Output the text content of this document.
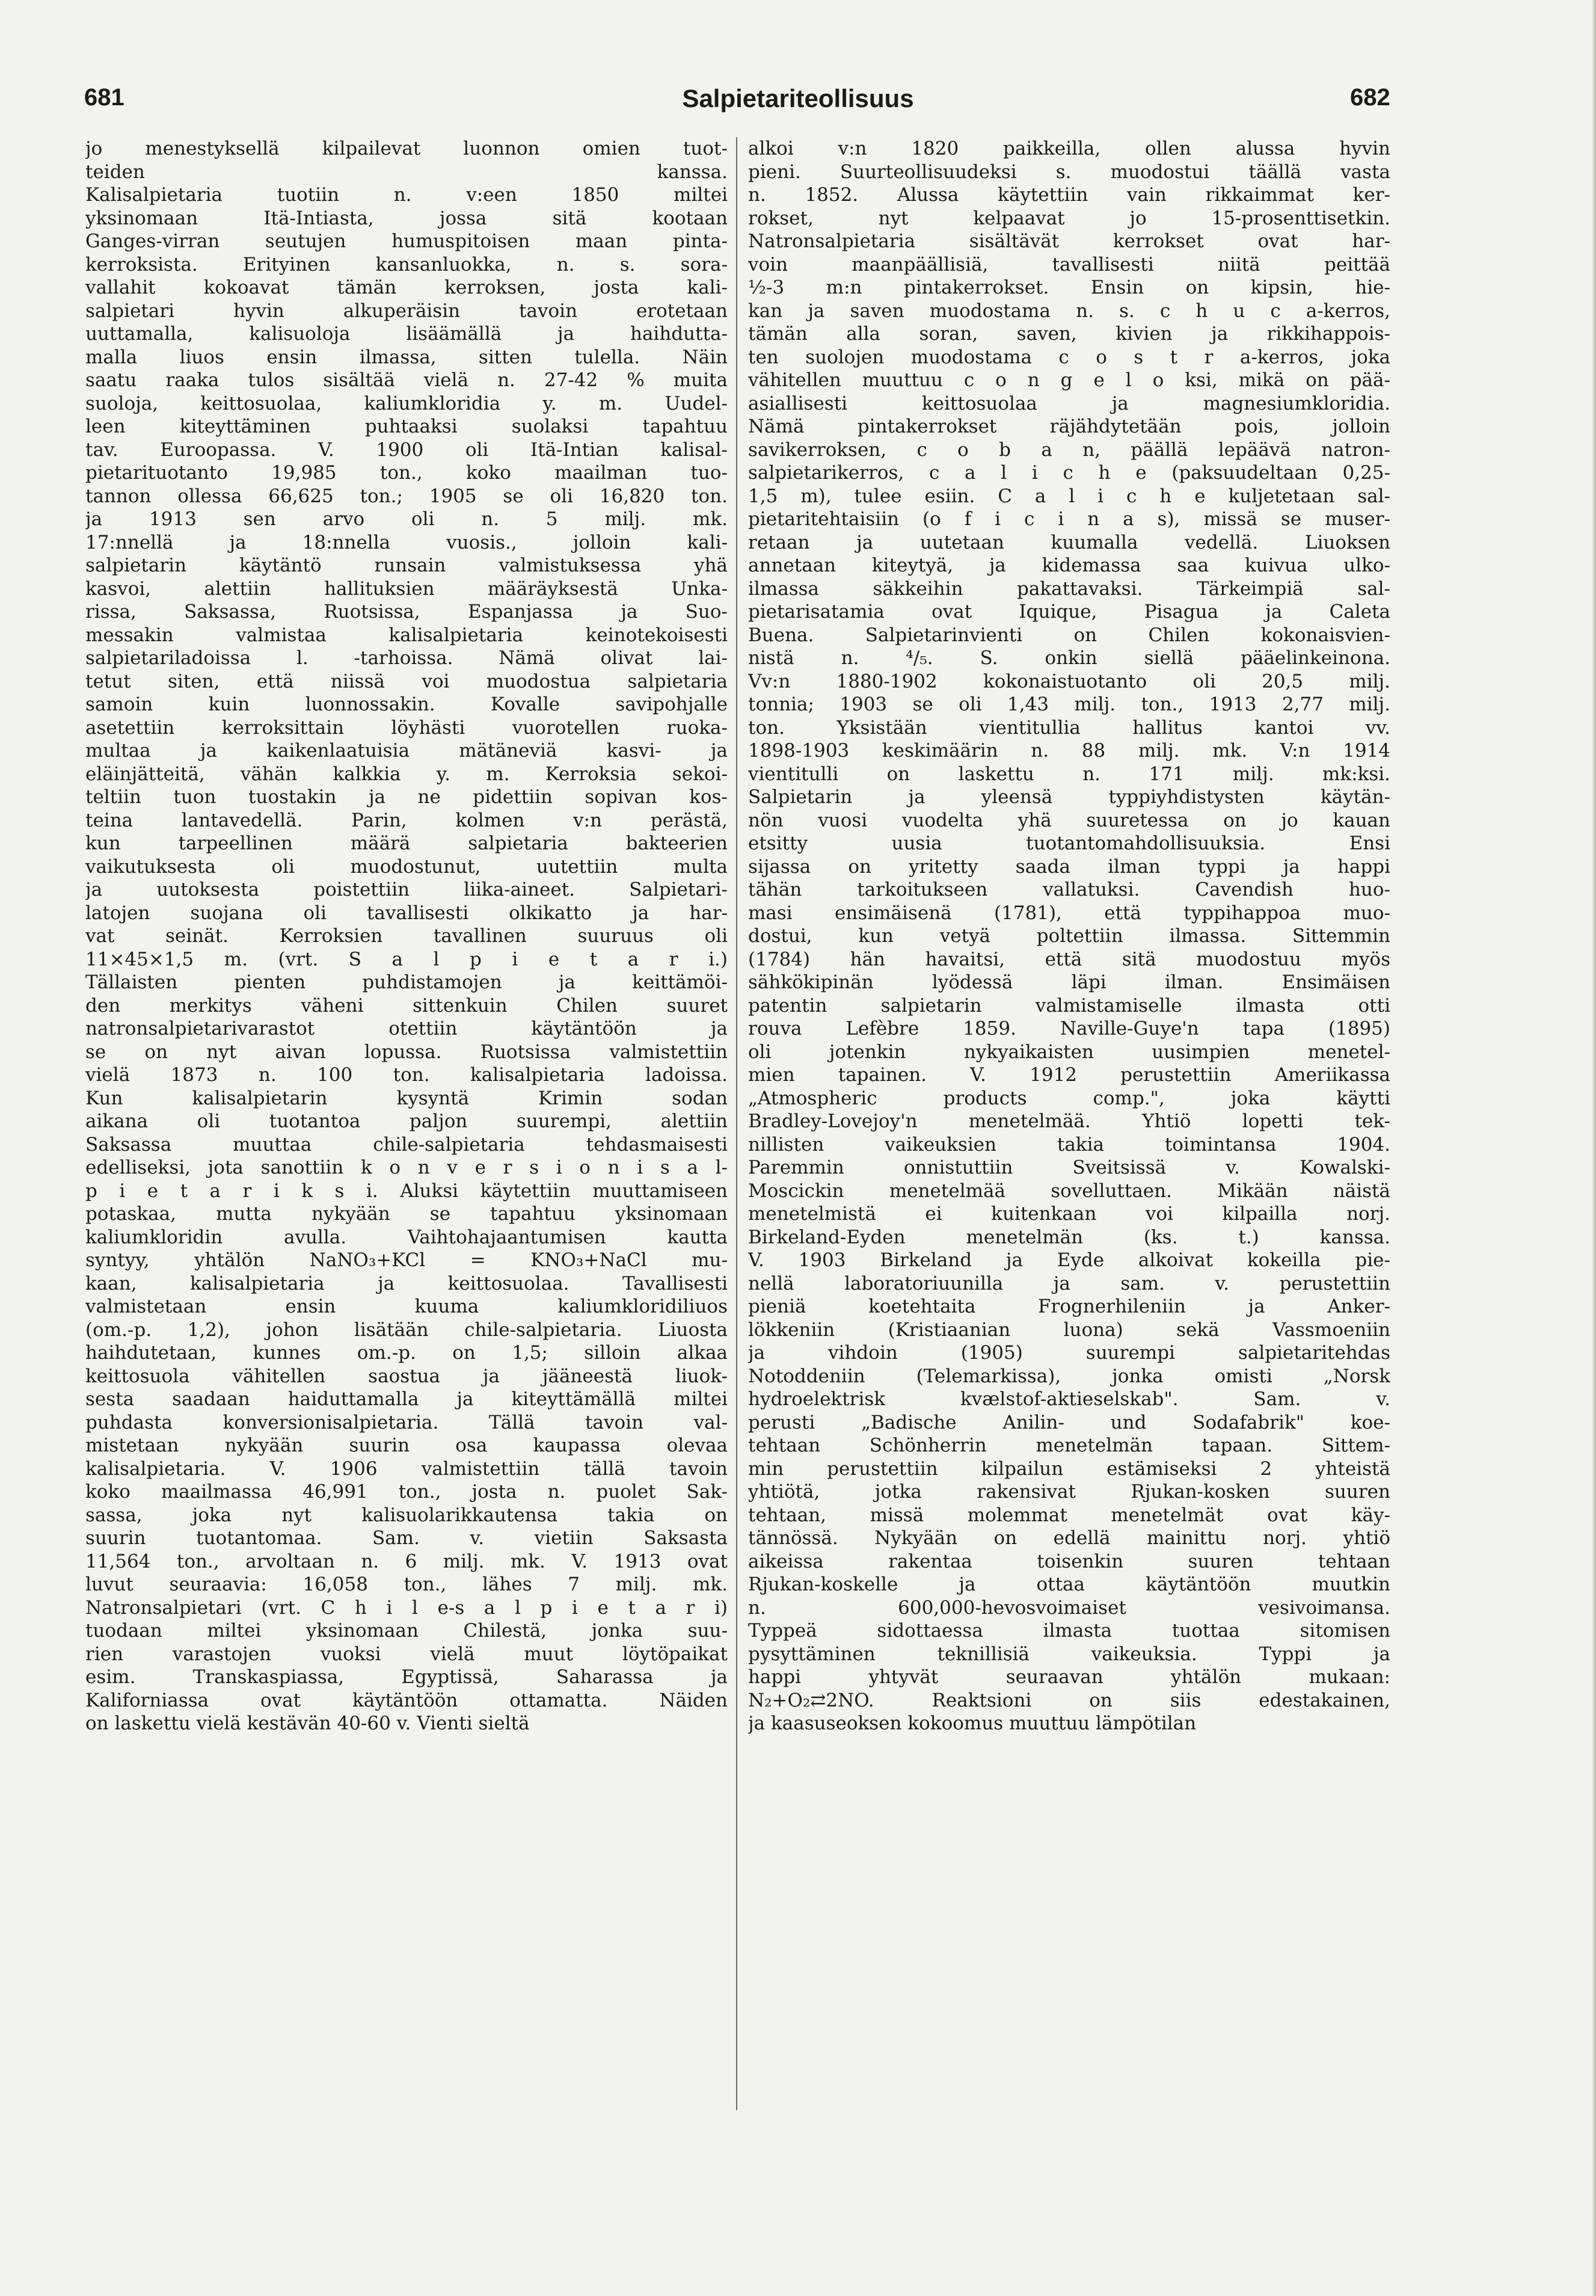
681	Salpietariteollisuus	682
jo menestyksellä kilpailevat luonnon omien tuot-
teiden kanssa.
Kalisalpietaria tuotiin n. v:een 1850 miltei
yksinomaan Itä-Intiasta, jossa sitä kootaan
Ganges-virran seutujen humuspitoisen maan pinta-
kerroksista. Erityinen kansanluokka, n. s. sora-
vallahit kokoavat tämän kerroksen, josta kali-
salpietari hyvin alkuperäisin tavoin erotetaan
uuttamalla, kalisuoloja lisäämällä ja haihdutta-
malla liuos ensin ilmassa, sitten tulella. Näin
saatu raaka tulos sisältää vielä n. 27-42 % muita
suoloja, keittosuolaa, kaliumkloridia y. m. Uudel-
leen kiteyttäminen puhtaaksi suolaksi tapahtuu
tav. Euroopassa. V. 1900 oli Itä-Intian kalisal-
pietarituotanto 19,985 ton., koko maailman tuo-
tannon ollessa 66,625 ton.; 1905 se oli 16,820 ton.
ja 1913 sen arvo oli n. 5 milj. mk.
17:nnellä ja 18:nnella vuosis., jolloin kali-
salpietarin käytäntö runsain valmistuksessa yhä
kasvoi, alettiin hallituksien määräyksestä Unka-
rissa, Saksassa, Ruotsissa, Espanjassa ja Suo-
messakin valmistaa kalisalpietaria keinotekoisesti
salpietariladoissa l. -tarhoissa. Nämä olivat lai-
tetut siten, että niissä voi muodostua salpietaria
samoin kuin luonnossakin. Kovalle savipohjalle
asetettiin kerroksittain löyhästi vuorotellen ruoka-
multaa ja kaikenlaatuisia mätäneviä kasvi- ja
eläinjätteitä, vähän kalkkia y. m. Kerroksia sekoi-
teltiin tuon tuostakin ja ne pidettiin sopivan kos-
teina lantavedellä. Parin, kolmen v:n perästä,
kun tarpeellinen määrä salpietaria bakteerien
vaikutuksesta oli muodostunut, uutettiin multa
ja uutoksesta poistettiin liika-aineet. Salpietari-
latojen suojana oli tavallisesti olkikatto ja har-
vat seinät. Kerroksien tavallinen suuruus oli
11×45×1,5 m. (vrt. S a l p i e t a r i.)
Tällaisten pienten puhdistamojen ja keittämöi-
den merkitys väheni sittenkuin Chilen suuret
natronsalpietarivarastot otettiin käytäntöön ja
se on nyt aivan lopussa. Ruotsissa valmistettiin
vielä 1873 n. 100 ton. kalisalpietaria ladoissa.
Kun kalisalpietarin kysyntä Krimin sodan
aikana oli tuotantoa paljon suurempi, alettiin
Saksassa muuttaa chile-salpietaria tehdasmaisesti
edelliseksi, jota sanottiin k o n v e r s i o n i s a l-
p i e t a r i k s i. Aluksi käytettiin muuttamiseen
potaskaa, mutta nykyään se tapahtuu yksinomaan
kaliumkloridin avulla. Vaihtohajaantumisen kautta
syntyy, yhtälön NaNO₃+KCl = KNO₃+NaCl mu-
kaan, kalisalpietaria ja keittosuolaa. Tavallisesti
valmistetaan ensin kuuma kaliumkloridiliuos
(om.-p. 1,2), johon lisätään chile-salpietaria. Liuosta
haihdutetaan, kunnes om.-p. on 1,5; silloin alkaa
keittosuola vähitellen saostua ja jääneestä liuok-
sesta saadaan haiduttamalla ja kiteyttämällä miltei
puhdasta konversionisalpietaria. Tällä tavoin val-
mistetaan nykyään suurin osa kaupassa olevaa
kalisalpietaria. V. 1906 valmistettiin tällä tavoin
koko maailmassa 46,991 ton., josta n. puolet Sak-
sassa, joka nyt kalisuolarikkautensa takia on
suurin tuotantomaa. Sam. v. vietiin Saksasta
11,564 ton., arvoltaan n. 6 milj. mk. V. 1913 ovat
luvut seuraavia: 16,058 ton., lähes 7 milj. mk.
Natronsalpietari (vrt. C h i l e-s a l p i e t a r i)
tuodaan miltei yksinomaan Chilestä, jonka suu-
rien varastojen vuoksi vielä muut löytöpaikat
esim. Transkaspiassa, Egyptissä, Saharassa ja
Kaliforniassa ovat käytäntöön ottamatta. Näiden
on laskettu vielä kestävän 40-60 v. Vienti sieltä
alkoi v:n 1820 paikkeilla, ollen alussa hyvin
pieni. Suurteollisuudeksi s. muodostui täällä vasta
n. 1852. Alussa käytettiin vain rikkaimmat ker-
rokset, nyt kelpaavat jo 15-prosenttisetkin.
Natronsalpietaria sisältävät kerrokset ovat har-
voin maanpäällisiä, tavallisesti niitä peittää
½-3 m:n pintakerrokset. Ensin on kipsin, hie-
kan ja saven muodostama n. s. c h u c a-kerros,
tämän alla soran, saven, kivien ja rikkihappois-
ten suolojen muodostama c o s t r a-kerros, joka
vähitellen muuttuu c o n g e l o ksi, mikä on pää-
asiallisesti keittosuolaa ja magnesiumkloridia.
Nämä pintakerrokset räjähdytetään pois, jolloin
savikerroksen, c o b a n, päällä lepäävä natron-
salpietarikerros, c a l i c h e (paksuudeltaan 0,25-
1,5 m), tulee esiin. C a l i c h e kuljetetaan sal-
pietaritehtaisiin (o f i c i n a s), missä se muser-
retaan ja uutetaan kuumalla vedellä. Liuoksen
annetaan kiteytyä, ja kidemassa saa kuivua ulko-
ilmassa säkkeihin pakattavaksi. Tärkeimpiä sal-
pietarisatamia ovat Iquique, Pisagua ja Caleta
Buena. Salpietarinvienti on Chilen kokonaisvien-
nistä n. ⁴/₅. S. onkin siellä pääelinkeinona.
Vv:n 1880-1902 kokonaistuotanto oli 20,5 milj.
tonnia; 1903 se oli 1,43 milj. ton., 1913 2,77 milj.
ton. Yksistään vientitullia hallitus kantoi vv.
1898-1903 keskimäärin n. 88 milj. mk. V:n 1914
vientitulli on laskettu n. 171 milj. mk:ksi.
Salpietarin ja yleensä typpiyhdistysten käytän-
nön vuosi vuodelta yhä suuretessa on jo kauan
etsitty uusia tuotantomahdollisuuksia. Ensi
sijassa on yritetty saada ilman typpi ja happi
tähän tarkoitukseen vallatuksi. Cavendish huo-
masi ensimäisenä (1781), että typpihappoa muo-
dostui, kun vetyä poltettiin ilmassa. Sittemmin
(1784) hän havaitsi, että sitä muodostuu myös
sähkökipinän lyödessä läpi ilman. Ensimäisen
patentin salpietarin valmistamiselle ilmasta otti
rouva Lefèbre 1859. Naville-Guye'n tapa (1895)
oli jotenkin nykyaikaisten uusimpien menetel-
mien tapainen. V. 1912 perustettiin Ameriikassa
„Atmospheric products comp.", joka käytti
Bradley-Lovejoy'n menetelmää. Yhtiö lopetti tek-
nillisten vaikeuksien takia toimintansa 1904.
Paremmin onnistuttiin Sveitsissä v. Kowalski-
Moscickin menetelmää sovelluttaen. Mikään näistä
menetelmistä ei kuitenkaan voi kilpailla norj.
Birkeland-Eyden menetelmän (ks. t.) kanssa.
V. 1903 Birkeland ja Eyde alkoivat kokeilla pie-
nellä laboratoriuunilla ja sam. v. perustettiin
pieniä koetehtaita Frognerhileniin ja Anker-
lökkeniin (Kristiaanian luona) sekä Vassmoeniin
ja vihdoin (1905) suurempi salpietaritehdas
Notoddeniin (Telemarkissa), jonka omisti „Norsk
hydroelektrisk kvælstof-aktieselskab". Sam. v.
perusti „Badische Anilin- und Sodafabrik" koe-
tehtaan Schönherrin menetelmän tapaan. Sittem-
min perustettiin kilpailun estämiseksi 2 yhteistä
yhtiötä, jotka rakensivat Rjukan-kosken suuren
tehtaan, missä molemmat menetelmät ovat käy-
tännössä. Nykyään on edellä mainittu norj. yhtiö
aikeissa rakentaa toisenkin suuren tehtaan
Rjukan-koskelle ja ottaa käytäntöön muutkin
n. 600,000-hevosvoimaiset vesivoimansa.
Typpeä sidottaessa ilmasta tuottaa sitomisen
pysyttäminen teknillisiä vaikeuksia. Typpi ja
happi yhtyvät seuraavan yhtälön mukaan:
N₂+O₂⇄2NO. Reaktsioni on siis edestakainen,
ja kaasuseoksen kokoomus muuttuu lämpötilan
